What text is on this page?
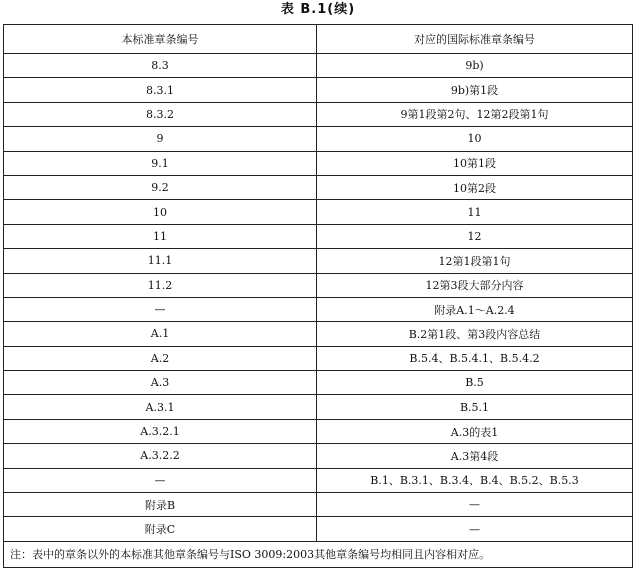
表 B.1(续)
本标准章条编号	对应的国际标准章条编号
8.3	9b)
8.3.1	9b)第1段
8.3.2	9第1段第2句、12第2段第1句
9	10
9.1	10第1段
9.2	10第2段
10	11
11	12
11.1	12第1段第1句
11.2	12第3段大部分内容
—	附录A.1～A.2.4
A.1	B.2第1段、第3段内容总结
A.2	B.5.4、B.5.4.1、B.5.4.2
A.3	B.5
A.3.1	B.5.1
A.3.2.1	A.3的表1
A.3.2.2	A.3第4段
—	B.1、B.3.1、B.3.4、B.4、B.5.2、B.5.3
附录B	—
附录C	—
注：表中的章条以外的本标准其他章条编号与ISO 3009:2003其他章条编号均相同且内容相对应。	
